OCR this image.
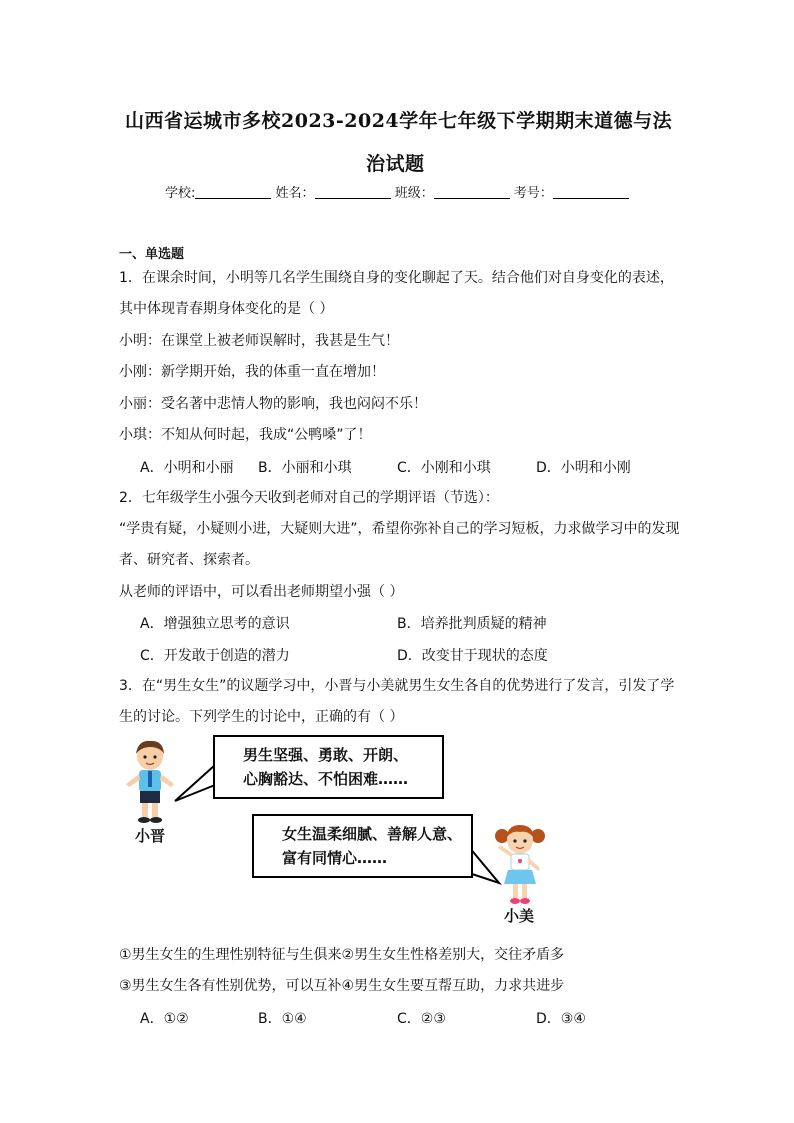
山西省运城市多校2023-2024学年七年级下学期期末道德与法
治试题
学校:	姓名：	班级：	考号：
一、单选题
1．在课余时间，小明等几名学生围绕自身的变化聊起了天。结合他们对自身变化的表述，
其中体现青春期身体变化的是（ ）
小明：在课堂上被老师误解时，我甚是生气！
小刚：新学期开始，我的体重一直在增加！
小丽：受名著中悲情人物的影响，我也闷闷不乐！
小琪：不知从何时起，我成“公鸭嗓”了！
A．小明和小丽 B．小丽和小琪	C．小刚和小琪	D．小明和小刚
2．七年级学生小强今天收到老师对自己的学期评语（节选）：
“学贵有疑，小疑则小进，大疑则大进”，希望你弥补自己的学习短板，力求做学习中的发现
者、研究者、探索者。
从老师的评语中，可以看出老师期望小强（ ）
A．增强独立思考的意识	B．培养批判质疑的精神
C．开发敢于创造的潜力	D．改变甘于现状的态度
3．在“男生女生”的议题学习中，小晋与小美就男生女生各自的优势进行了发言，引发了学
生的讨论。下列学生的讨论中，正确的有（ ）
小晋
男生坚强、勇敢、开朗、
心胸豁达、不怕困难……
女生温柔细腻、善解人意、
富有同情心……
小美
①男生女生的生理性别特征与生俱来②男生女生性格差别大，交往矛盾多
③男生女生各有性别优势，可以互补④男生女生要互帮互助，力求共进步
A．①②	B．①④	C．②③	D．③④
